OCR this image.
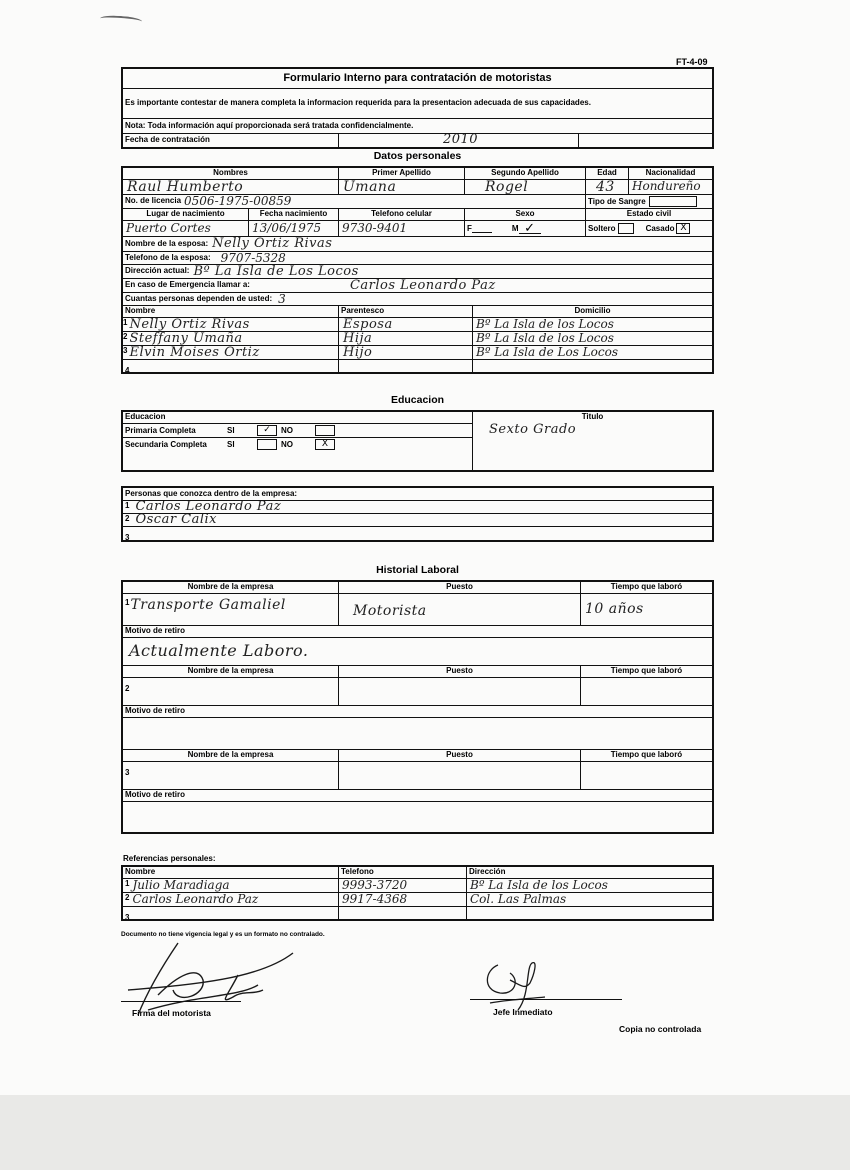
FT-4-09
Formulario Interno para contratación de motoristas
Es importante contestar de manera completa la informacion requerida para la presentacion adecuada de sus capacidades.
Nota: Toda información aquí proporcionada será tratada confidencialmente.
Fecha de contratación	2010
Datos personales
Nombres	Primer Apellido	Segundo Apellido	Edad	Nacionalidad
Raul Humberto	Umana	Rogel	43	Hondureño
No. de licencia 0506-1975-00859	Tipo de Sangre
Lugar de nacimiento	Fecha nacimiento	Telefono celular	Sexo	Estado civil
Puerto Cortes	13/06/1975	9730-9401	F	M ✓	Soltero	Casado X
Nombre de la esposa: Nelly Ortiz Rivas
Telefono de la esposa: 9707-5328
Dirección actual: Bº La Isla de Los Locos
En caso de Emergencia llamar a:	Carlos Leonardo Paz
Cuantas personas dependen de usted: 3
Nombre	Parentesco	Domicilio
1 Nelly Ortiz Rivas	Esposa	Bº La Isla de los Locos
2 Steffany Umaña	Hija	Bº La Isla de los Locos
3 Elvin Moises Ortiz	Hijo	Bº La Isla de Los Locos
4
Educacion
Educacion
Primaria Completa	SI	✓	NO
Secundaria Completa	SI	NO	X
Titulo
Sexto Grado
Personas que conozca dentro de la empresa:
1 Carlos Leonardo Paz
2 Oscar Calix
3
Historial Laboral
Nombre de la empresa	Puesto	Tiempo que laboró
1 Transporte Gamaliel	Motorista	10 años
Motivo de retiro
Actualmente Laboro.
Nombre de la empresa	Puesto	Tiempo que laboró
2
Motivo de retiro
Nombre de la empresa	Puesto	Tiempo que laboró
3
Motivo de retiro
Referencias personales:
Nombre	Telefono	Dirección
1 Julio Maradiaga	9993-3720	Bº La Isla de los Locos
2 Carlos Leonardo Paz	9917-4368	Col. Las Palmas
3
Documento no tiene vigencia legal y es un formato no contralado.
Firma del motorista	Jefe Inmediato
Copia no controlada
